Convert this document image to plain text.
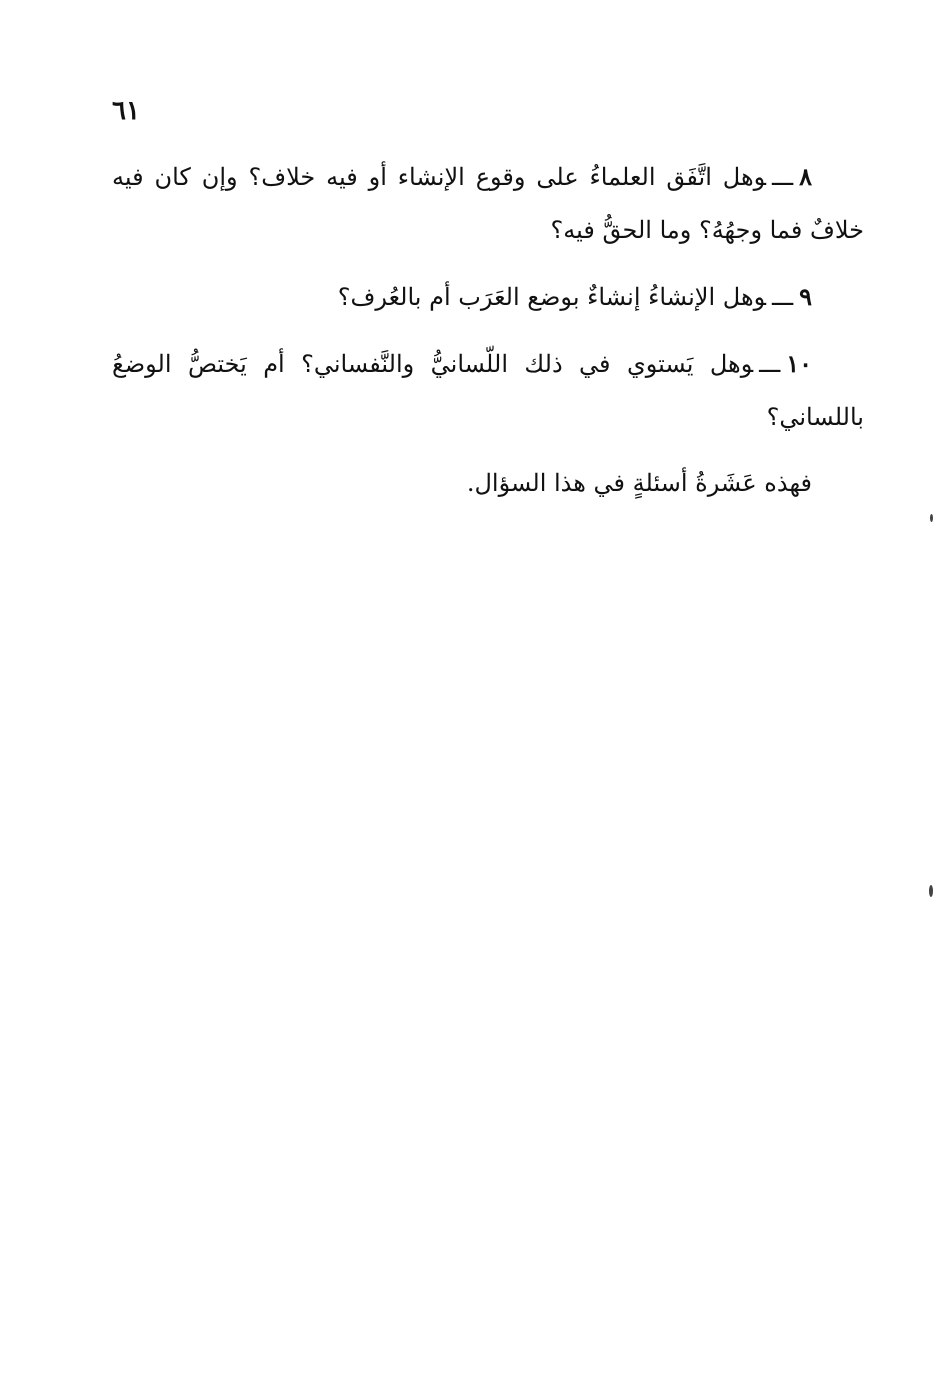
٦١

٨ـــوهل اتَّفَق العلماءُ على وقوع الإنشاء أو فيه خلاف؟ وإن كان فيه خلافٌ فما وجهُهُ؟ وما الحقُّ فيه؟

٩ـــوهل الإنشاءُ إنشاءٌ بوضع العَرَب أم بالعُرف؟

١٠ـــوهل يَستوي في ذلك اللّسانيُّ والنَّفساني؟ أم يَختصُّ الوضعُ باللساني؟

فهذه عَشَرةُ أسئلةٍ في هذا السؤال.
